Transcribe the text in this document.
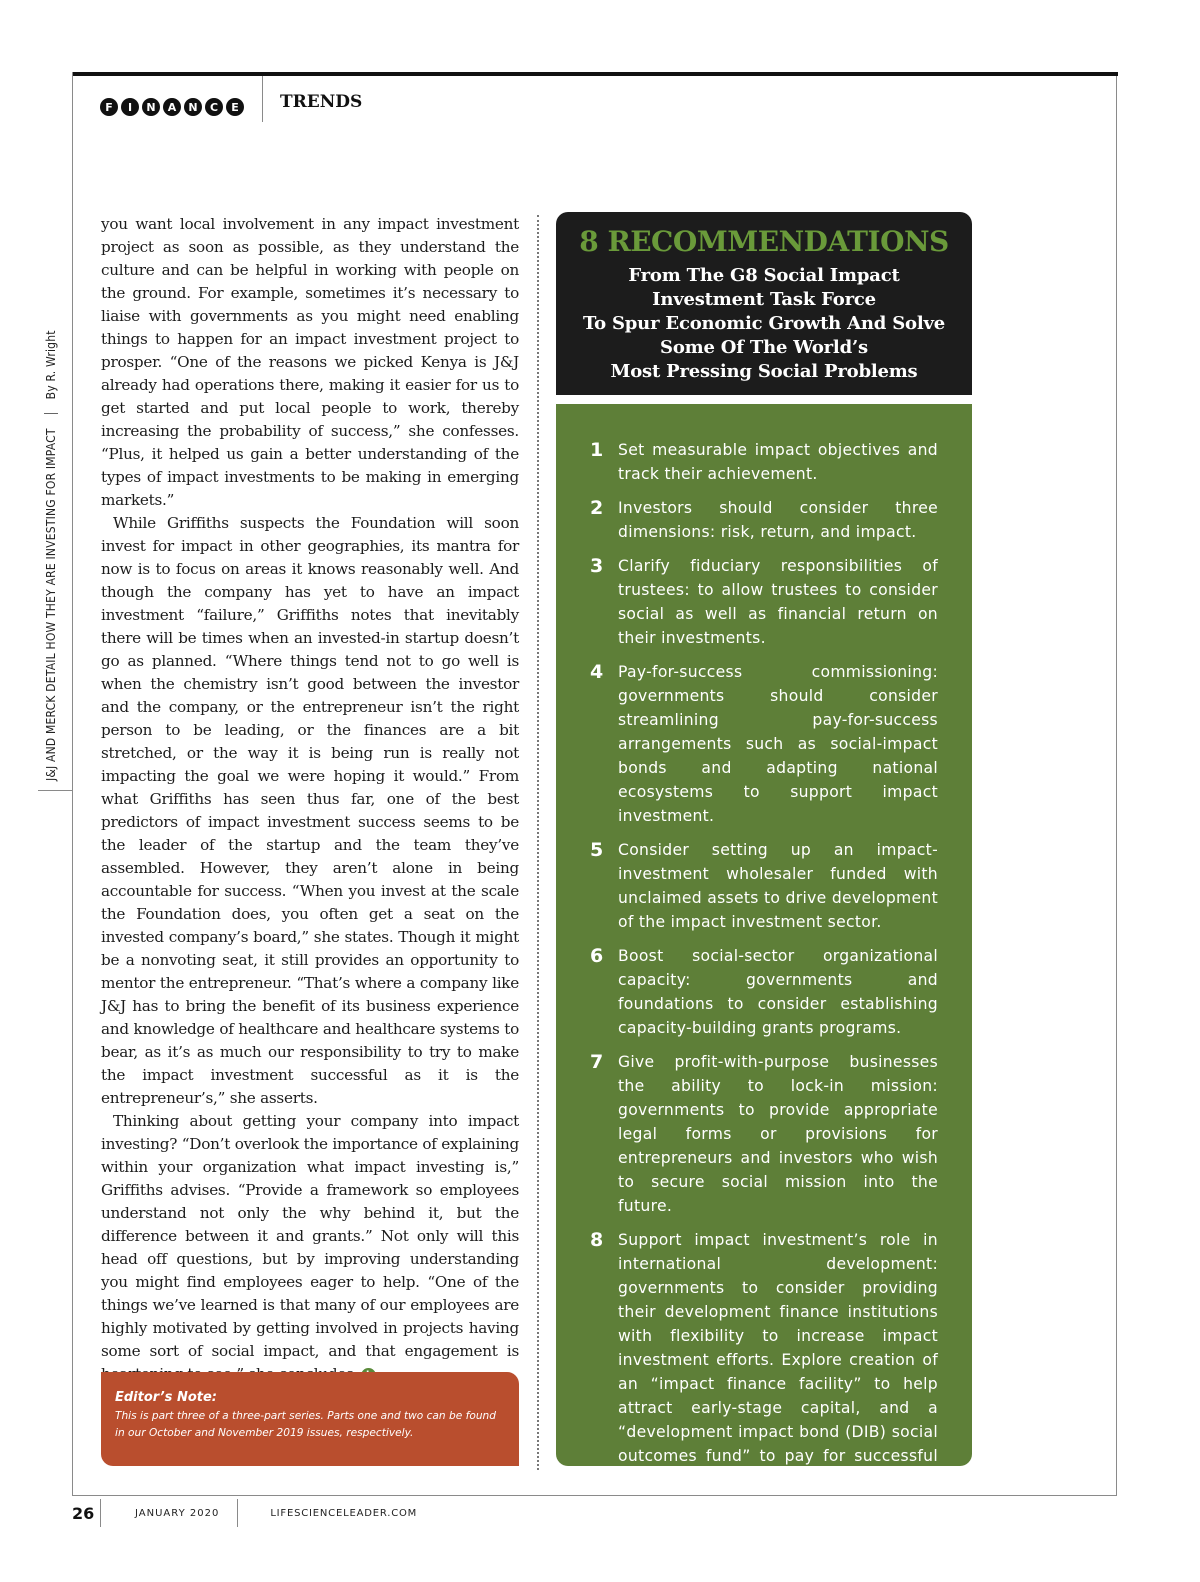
F	I	N	A	N	C	E	TRENDS
J&J AND MERCK DETAIL HOW THEY ARE INVESTING FOR IMPACT
By R. Wright

you want local involvement in any impact investment project as soon as possible, as they understand the culture and can be helpful in working with people on the ground. For example, sometimes it’s necessary to liaise with governments as you might need enabling things to happen for an impact investment project to prosper. “One of the reasons we picked Kenya is J&J already had operations there, making it easier for us to get started and put local people to work, thereby increasing the probability of success,” she confesses. “Plus, it helped us gain a better understanding of the types of impact investments to be making in emerging markets.”

While Griffiths suspects the Foundation will soon invest for impact in other geographies, its mantra for now is to focus on areas it knows reasonably well. And though the company has yet to have an impact investment “failure,” Griffiths notes that inevitably there will be times when an invested-in startup doesn’t go as planned. “Where things tend not to go well is when the chemistry isn’t good between the investor and the company, or the entrepreneur isn’t the right person to be leading, or the finances are a bit stretched, or the way it is being run is really not impacting the goal we were hoping it would.” From what Griffiths has seen thus far, one of the best predictors of impact investment success seems to be the leader of the startup and the team they’ve assembled. However, they aren’t alone in being accountable for success. “When you invest at the scale the Foundation does, you often get a seat on the invested company’s board,” she states. Though it might be a nonvoting seat, it still provides an opportunity to mentor the entrepreneur. “That’s where a company like J&J has to bring the benefit of its business experience and knowledge of healthcare and healthcare systems to bear, as it’s as much our responsibility to try to make the impact investment successful as it is the entrepreneur’s,” she asserts.

Thinking about getting your company into impact investing? “Don’t overlook the importance of explaining within your organization what impact investing is,” Griffiths advises. “Provide a framework so employees understand not only the why behind it, but the difference between it and grants.” Not only will this head off questions, but by improving understanding you might find employees eager to help. “One of the things we’ve learned is that many of our employees are highly motivated by getting involved in projects having some sort of social impact, and that engagement is

Editor’s Note:
This is part three of a three-part series. Parts one and two can be found in our October and November 2019 issues, respectively.
8 RECOMMENDATIONS
From The G8 Social Impact
Investment Task Force
To Spur Economic Growth And Solve
Some Of The World’s
Most Pressing Social Problems
1 Set measurable impact objectives and track their achievement.
2 Investors should consider three dimensions: risk, return, and impact.
3 Clarify fiduciary responsibilities of trustees: to allow trustees to consider social as well as financial return on their investments.
4 Pay-for-success commissioning: governments should consider streamlining pay-for-success arrangements such as social-impact bonds and adapting national ecosystems to support impact investment.
5 Consider setting up an impact-investment wholesaler funded with unclaimed assets to drive development of the impact investment sector.
6 Boost social-sector organizational capacity: governments and foundations to consider establishing capacity-building grants programs.
7 Give profit-with-purpose businesses the ability to lock-in mission: governments to provide appropriate legal forms or provisions for entrepreneurs and investors who wish to secure social mission into the future.
8 Support impact investment’s role in international development: governments to consider providing their development finance institutions with flexibility to increase impact investment efforts. Explore creation of an “impact finance facility” to help attract early-stage capital, and a “development impact bond (DIB) social outcomes fund” to pay for successful DIBs.
26	JANUARY 2020	LIFESCIENCELEADER.COM
